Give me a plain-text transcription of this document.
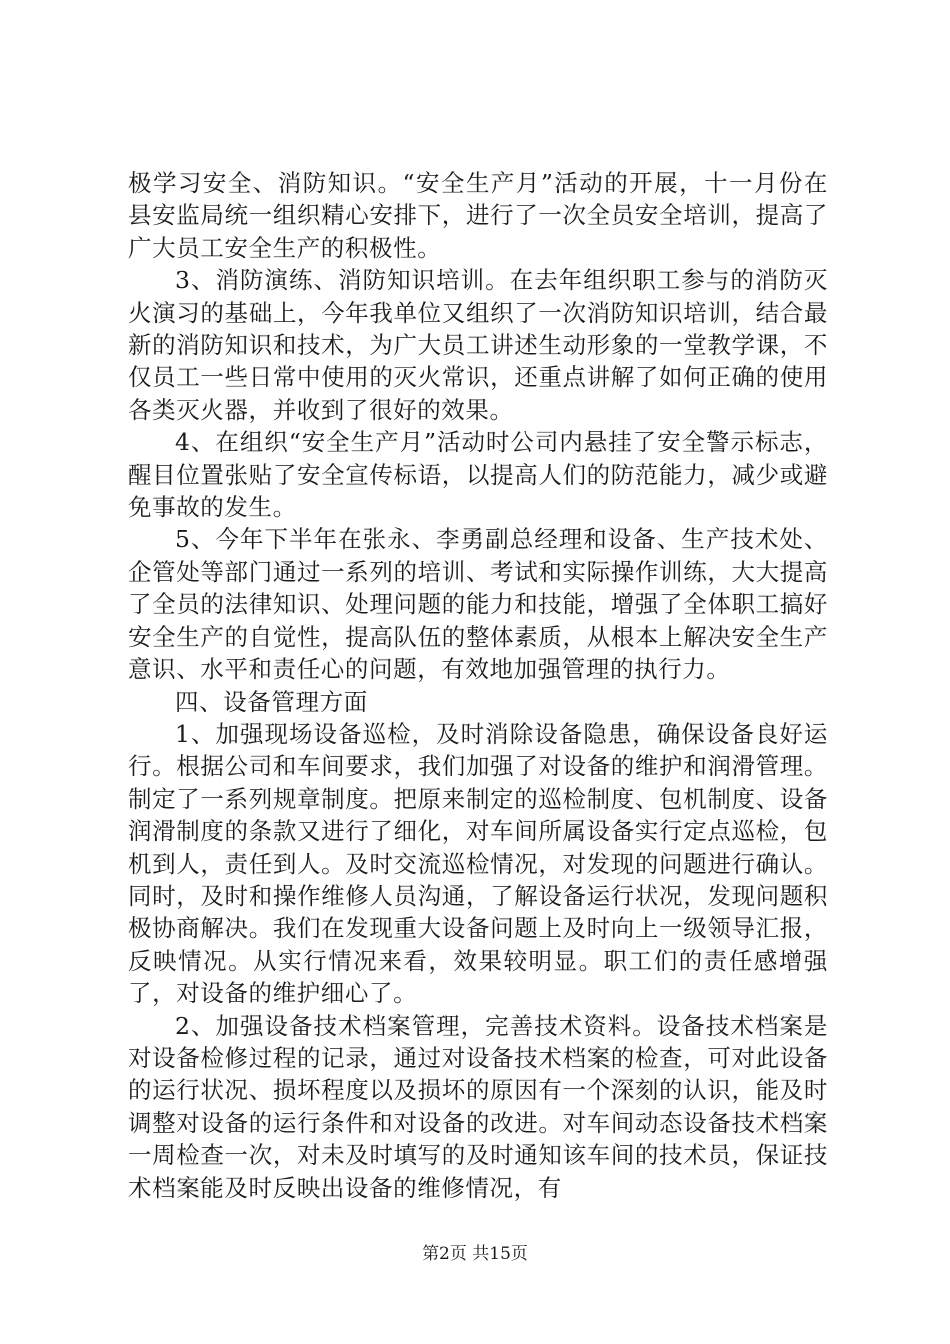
极学习安全、消防知识。“安全生产月”活动的开展，十一月份在县安监局统一组织精心安排下，进行了一次全员安全培训，提高了广大员工安全生产的积极性。

3、消防演练、消防知识培训。在去年组织职工参与的消防灭火演习的基础上，今年我单位又组织了一次消防知识培训，结合最新的消防知识和技术，为广大员工讲述生动形象的一堂教学课，不仅员工一些日常中使用的灭火常识，还重点讲解了如何正确的使用各类灭火器，并收到了很好的效果。

4、在组织“安全生产月”活动时公司内悬挂了安全警示标志，醒目位置张贴了安全宣传标语，以提高人们的防范能力，减少或避免事故的发生。

5、今年下半年在张永、李勇副总经理和设备、生产技术处、企管处等部门通过一系列的培训、考试和实际操作训练，大大提高了全员的法律知识、处理问题的能力和技能，增强了全体职工搞好安全生产的自觉性，提高队伍的整体素质，从根本上解决安全生产意识、水平和责任心的问题，有效地加强管理的执行力。

四、设备管理方面

1、加强现场设备巡检，及时消除设备隐患，确保设备良好运行。根据公司和车间要求，我们加强了对设备的维护和润滑管理。制定了一系列规章制度。把原来制定的巡检制度、包机制度、设备润滑制度的条款又进行了细化，对车间所属设备实行定点巡检，包机到人，责任到人。及时交流巡检情况，对发现的问题进行确认。同时，及时和操作维修人员沟通，了解设备运行状况，发现问题积极协商解决。我们在发现重大设备问题上及时向上一级领导汇报，反映情况。从实行情况来看，效果较明显。职工们的责任感增强了，对设备的维护细心了。

2、加强设备技术档案管理，完善技术资料。设备技术档案是对设备检修过程的记录，通过对设备技术档案的检查，可对此设备的运行状况、损坏程度以及损坏的原因有一个深刻的认识，能及时调整对设备的运行条件和对设备的改进。对车间动态设备技术档案一周检查一次，对未及时填写的及时通知该车间的技术员，保证技术档案能及时反映出设备的维修情况，有

第2页 共15页
